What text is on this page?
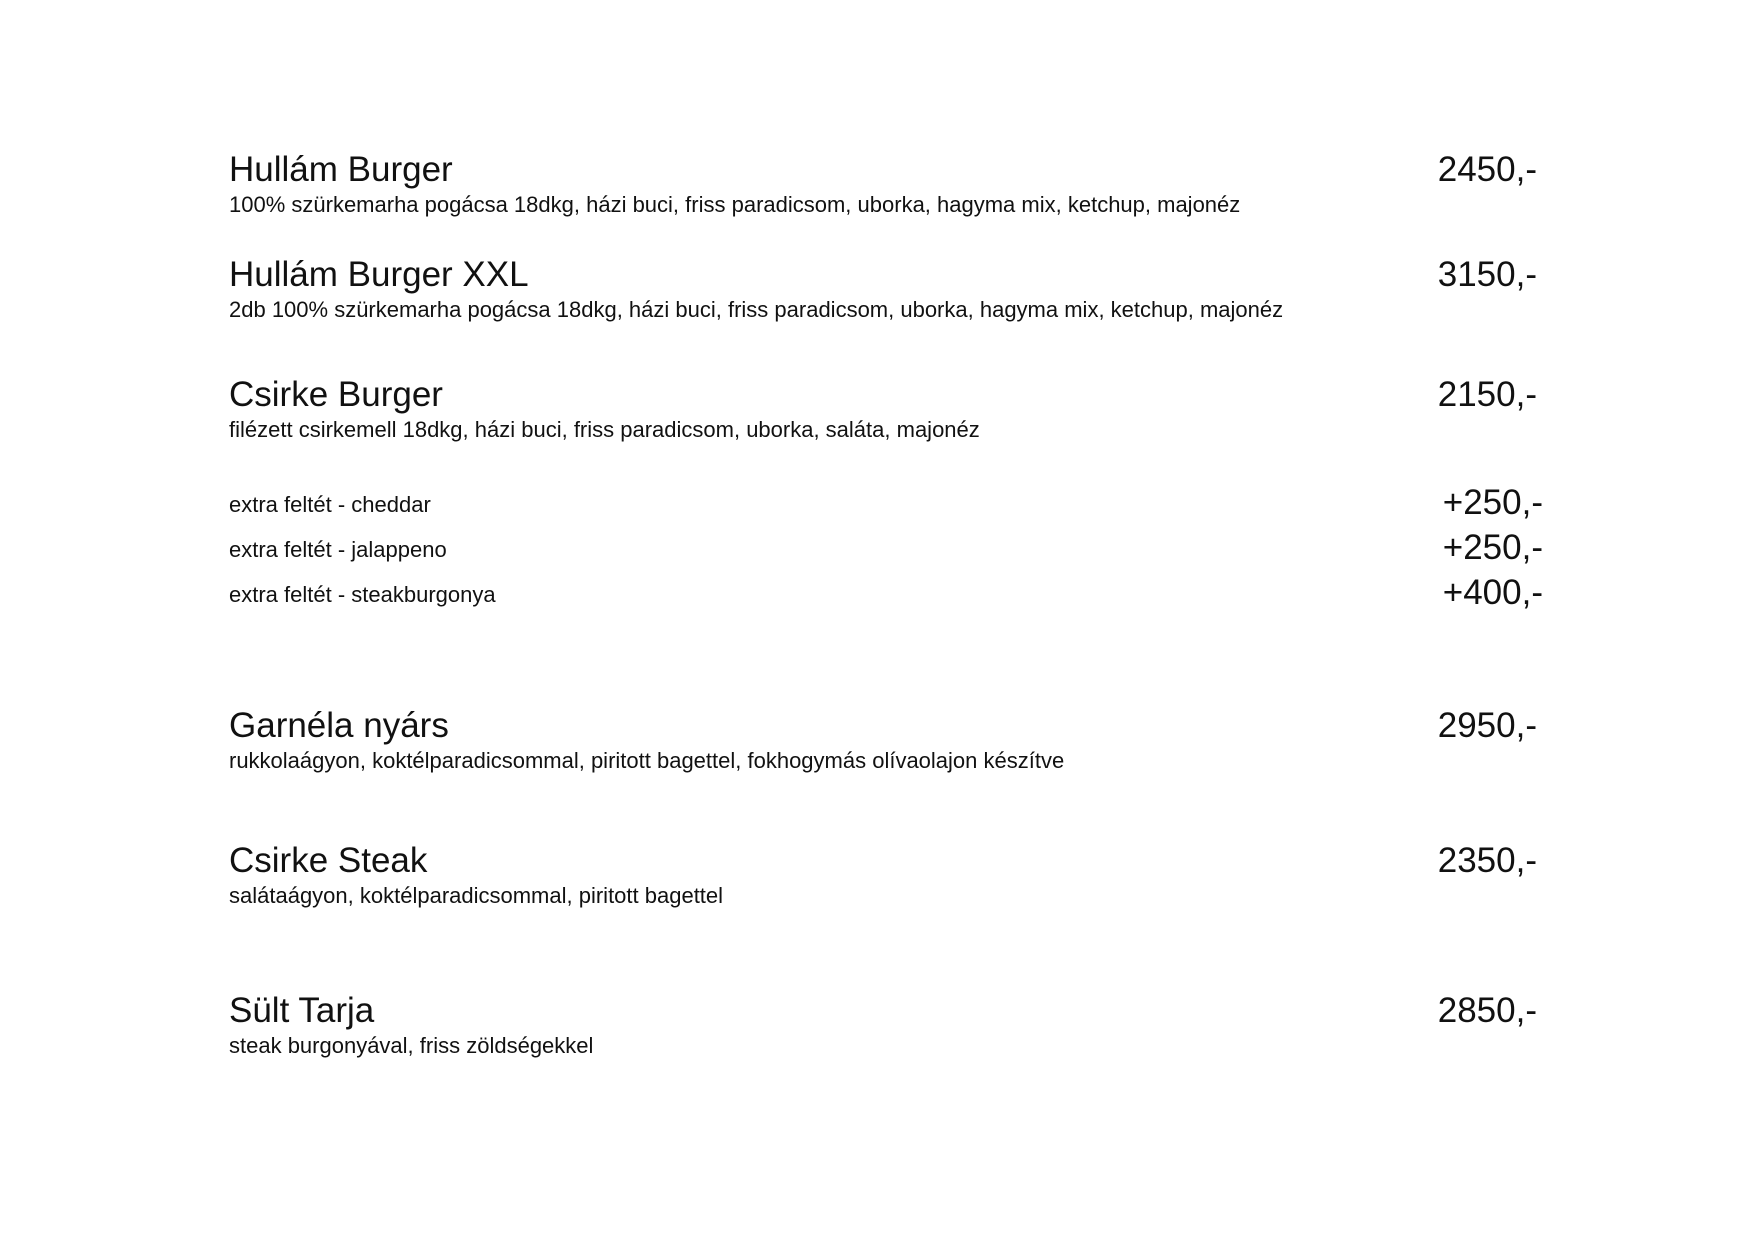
Hullám Burger	2450,-
100% szürkemarha pogácsa 18dkg, házi buci, friss paradicsom, uborka, hagyma mix, ketchup, majonéz
Hullám Burger XXL	3150,-
2db 100% szürkemarha pogácsa 18dkg, házi buci, friss paradicsom, uborka, hagyma mix, ketchup, majonéz
Csirke Burger	2150,-
filézett csirkemell 18dkg, házi buci, friss paradicsom, uborka, saláta, majonéz
extra feltét - cheddar	+250,-
extra feltét - jalappeno	+250,-
extra feltét - steakburgonya	+400,-
Garnéla nyárs	2950,-
rukkolaágyon, koktélparadicsommal, piritott bagettel, fokhogymás olívaolajon készítve
Csirke Steak	2350,-
salátaágyon, koktélparadicsommal, piritott bagettel
Sült Tarja	2850,-
steak burgonyával, friss zöldségekkel
